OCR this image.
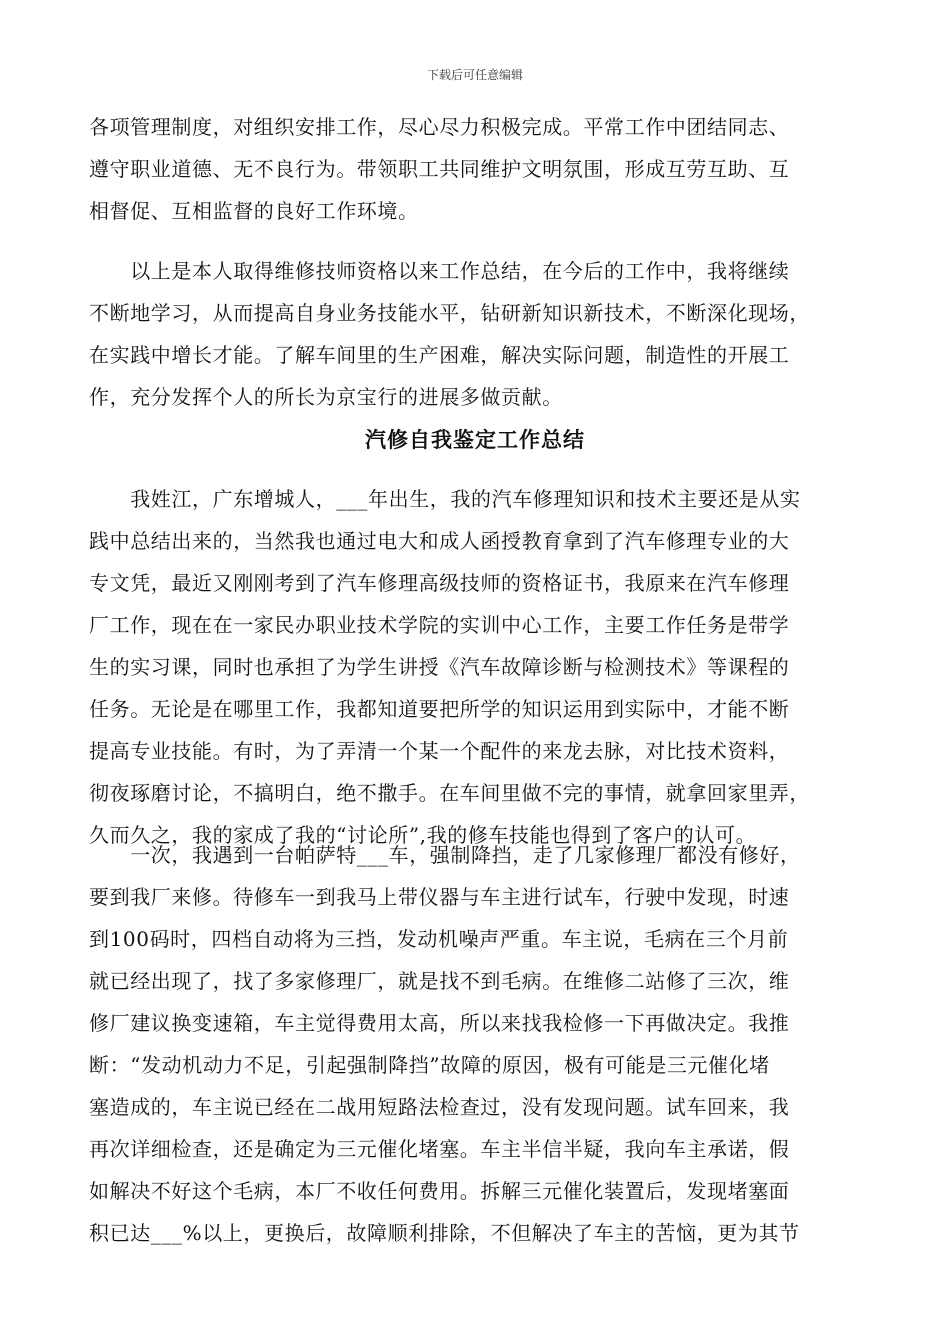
下载后可任意编辑
各项管理制度，对组织安排工作，尽心尽力积极完成。平常工作中团结同志、
遵守职业道德、无不良行为。带领职工共同维护文明氛围，形成互劳互助、互
相督促、互相监督的良好工作环境。
　　以上是本人取得维修技师资格以来工作总结，在今后的工作中，我将继续
不断地学习，从而提高自身业务技能水平，钻研新知识新技术，不断深化现场，
在实践中增长才能。了解车间里的生产困难，解决实际问题，制造性的开展工
作，充分发挥个人的所长为京宝行的进展多做贡献。
汽修自我鉴定工作总结
　　我姓江，广东增城人，___年出生，我的汽车修理知识和技术主要还是从实
践中总结出来的，当然我也通过电大和成人函授教育拿到了汽车修理专业的大
专文凭，最近又刚刚考到了汽车修理高级技师的资格证书，我原来在汽车修理
厂工作，现在在一家民办职业技术学院的实训中心工作，主要工作任务是带学
生的实习课，同时也承担了为学生讲授《汽车故障诊断与检测技术》等课程的
任务。无论是在哪里工作，我都知道要把所学的知识运用到实际中，才能不断
提高专业技能。有时，为了弄清一个某一个配件的来龙去脉，对比技术资料，
彻夜琢磨讨论，不搞明白，绝不撒手。在车间里做不完的事情，就拿回家里弄，
久而久之，我的家成了我的“讨论所”,我的修车技能也得到了客户的认可。
　　一次，我遇到一台帕萨特___车，强制降挡，走了几家修理厂都没有修好，
要到我厂来修。待修车一到我马上带仪器与车主进行试车，行驶中发现，时速
到100码时，四档自动将为三挡，发动机噪声严重。车主说，毛病在三个月前
就已经出现了，找了多家修理厂，就是找不到毛病。在维修二站修了三次，维
修厂建议换变速箱，车主觉得费用太高，所以来找我检修一下再做决定。我推
断：“发动机动力不足，引起强制降挡”故障的原因，极有可能是三元催化堵
塞造成的，车主说已经在二战用短路法检查过，没有发现问题。试车回来，我
再次详细检查，还是确定为三元催化堵塞。车主半信半疑，我向车主承诺，假
如解决不好这个毛病，本厂不收任何费用。拆解三元催化装置后，发现堵塞面
积已达___%以上，更换后，故障顺利排除，不但解决了车主的苦恼，更为其节
